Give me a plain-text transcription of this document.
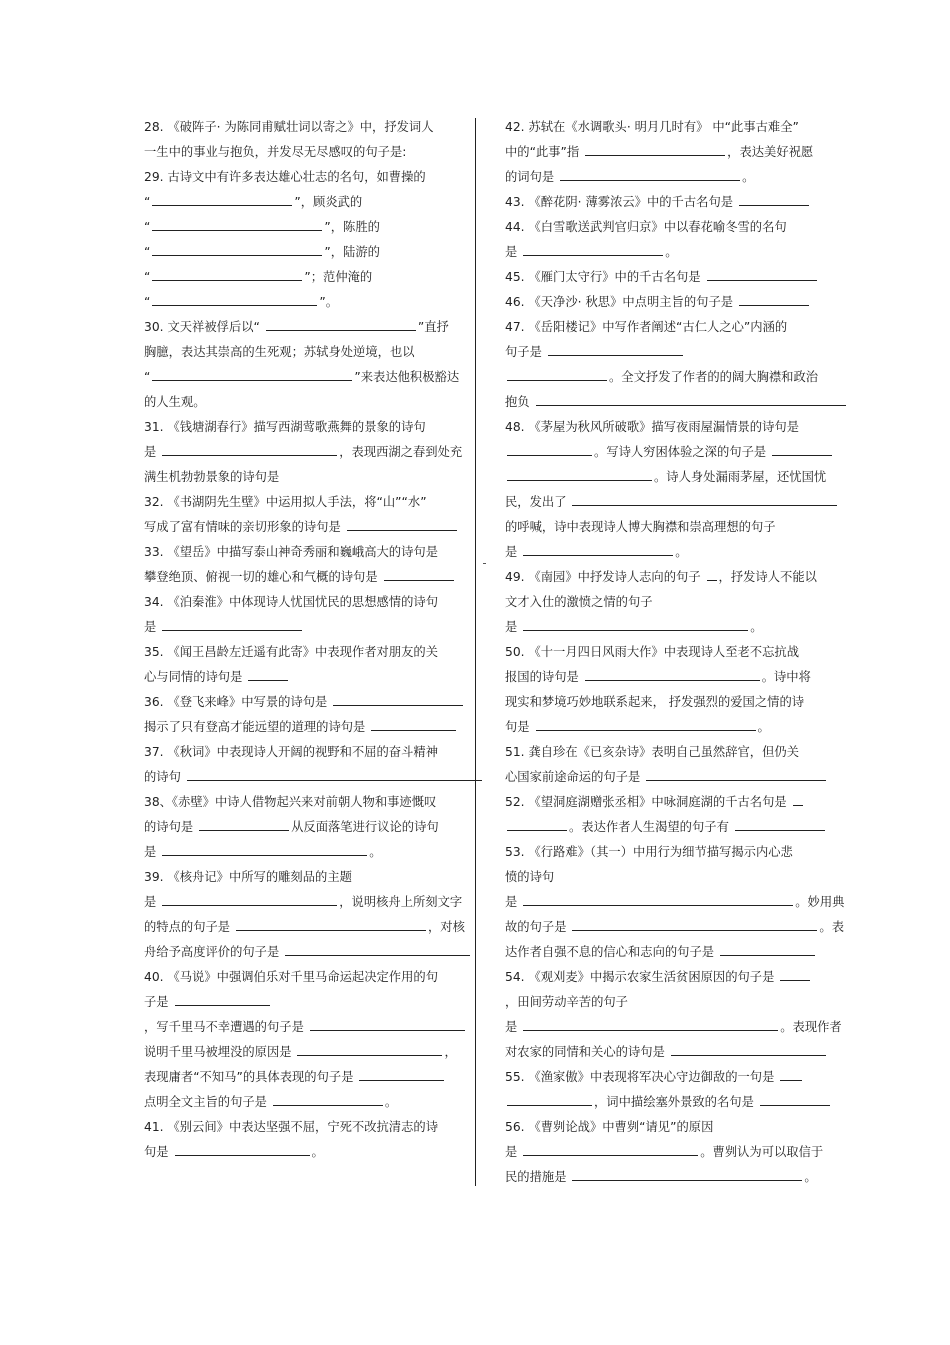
28. 《破阵子· 为陈同甫赋壮词以寄之》中，抒发词人
一生中的事业与抱负，并发尽无尽感叹的句子是:
29. 古诗文中有许多表达雄心壮志的名句，如曹操的
“	”，顾炎武的
“	”，陈胜的
“	”，陆游的
“	”；范仲淹的
“	”。
30. 文天祥被俘后以“	”直抒
胸臆，表达其崇高的生死观；苏轼身处逆境，也以
“	”来表达他积极豁达
的人生观。
31. 《钱塘湖春行》描写西湖莺歌燕舞的景象的诗句
是	，表现西湖之春到处充
满生机勃勃景象的诗句是
32. 《书湖阴先生壁》中运用拟人手法，将“山”“水”
写成了富有情味的亲切形象的诗句是
33. 《望岳》中描写泰山神奇秀丽和巍峨高大的诗句是
攀登绝顶、俯视一切的雄心和气概的诗句是
34. 《泊秦淮》中体现诗人忧国忧民的思想感情的诗句
是
35. 《闻王昌龄左迁遥有此寄》中表现作者对朋友的关
心与同情的诗句是
36. 《登飞来峰》中写景的诗句是
揭示了只有登高才能远望的道理的诗句是
37. 《秋词》中表现诗人开阔的视野和不屈的奋斗精神
的诗句
38、《赤壁》中诗人借物起兴来对前朝人物和事迹慨叹
的诗句是	从反面落笔进行议论的诗句
是	。
39. 《核舟记》中所写的雕刻品的主题
是	，说明核舟上所刻文字
的特点的句子是	，对核
舟给予高度评价的句子是
40. 《马说》中强调伯乐对千里马命运起决定作用的句
子是
，写千里马不幸遭遇的句子是
说明千里马被埋没的原因是	，
表现庸者“不知马”的具体表现的句子是
点明全文主旨的句子是	。
41. 《别云间》中表达坚强不屈，宁死不改抗清志的诗
句是	。
42. 苏轼在《水调歌头· 明月几时有》 中“此事古难全”
中的“此事”指	，表达美好祝愿
的词句是	。
43. 《醉花阴· 薄雾浓云》中的千古名句是
44. 《白雪歌送武判官归京》中以春花喻冬雪的名句
是	。
45. 《雁门太守行》中的千古名句是
46. 《天净沙· 秋思》中点明主旨的句子是
47. 《岳阳楼记》中写作者阐述“古仁人之心”内涵的
句子是
。全文抒发了作者的的阔大胸襟和政治
抱负
48. 《茅屋为秋风所破歌》描写夜雨屋漏情景的诗句是
。写诗人穷困体验之深的句子是
。诗人身处漏雨茅屋，还忧国忧
民，发出了
的呼喊，诗中表现诗人博大胸襟和崇高理想的句子
是	。
49. 《南园》中抒发诗人志向的句子 ，抒发诗人不能以
文才入仕的激愤之情的句子
是	。
50. 《十一月四日风雨大作》中表现诗人至老不忘抗战
报国的诗句是	。诗中将
现实和梦境巧妙地联系起来， 抒发强烈的爱国之情的诗
句是	。
51. 龚自珍在《已亥杂诗》表明自己虽然辞官，但仍关
心国家前途命运的句子是
52. 《望洞庭湖赠张丞相》中咏洞庭湖的千古名句是
。表达作者人生渴望的句子有
53. 《行路难》（其一）中用行为细节描写揭示内心悲
愤的诗句
是	。妙用典
故的句子是	。表
达作者自强不息的信心和志向的句子是
54. 《观刈麦》中揭示农家生活贫困原因的句子是
，田间劳动辛苦的句子
是	。表现作者
对农家的同情和关心的诗句是
55. 《渔家傲》中表现将军决心守边御敌的一句是
，词中描绘塞外景致的名句是
56. 《曹刿论战》中曹刿“请见”的原因
是	。曹刿认为可以取信于
民的措施是	。
